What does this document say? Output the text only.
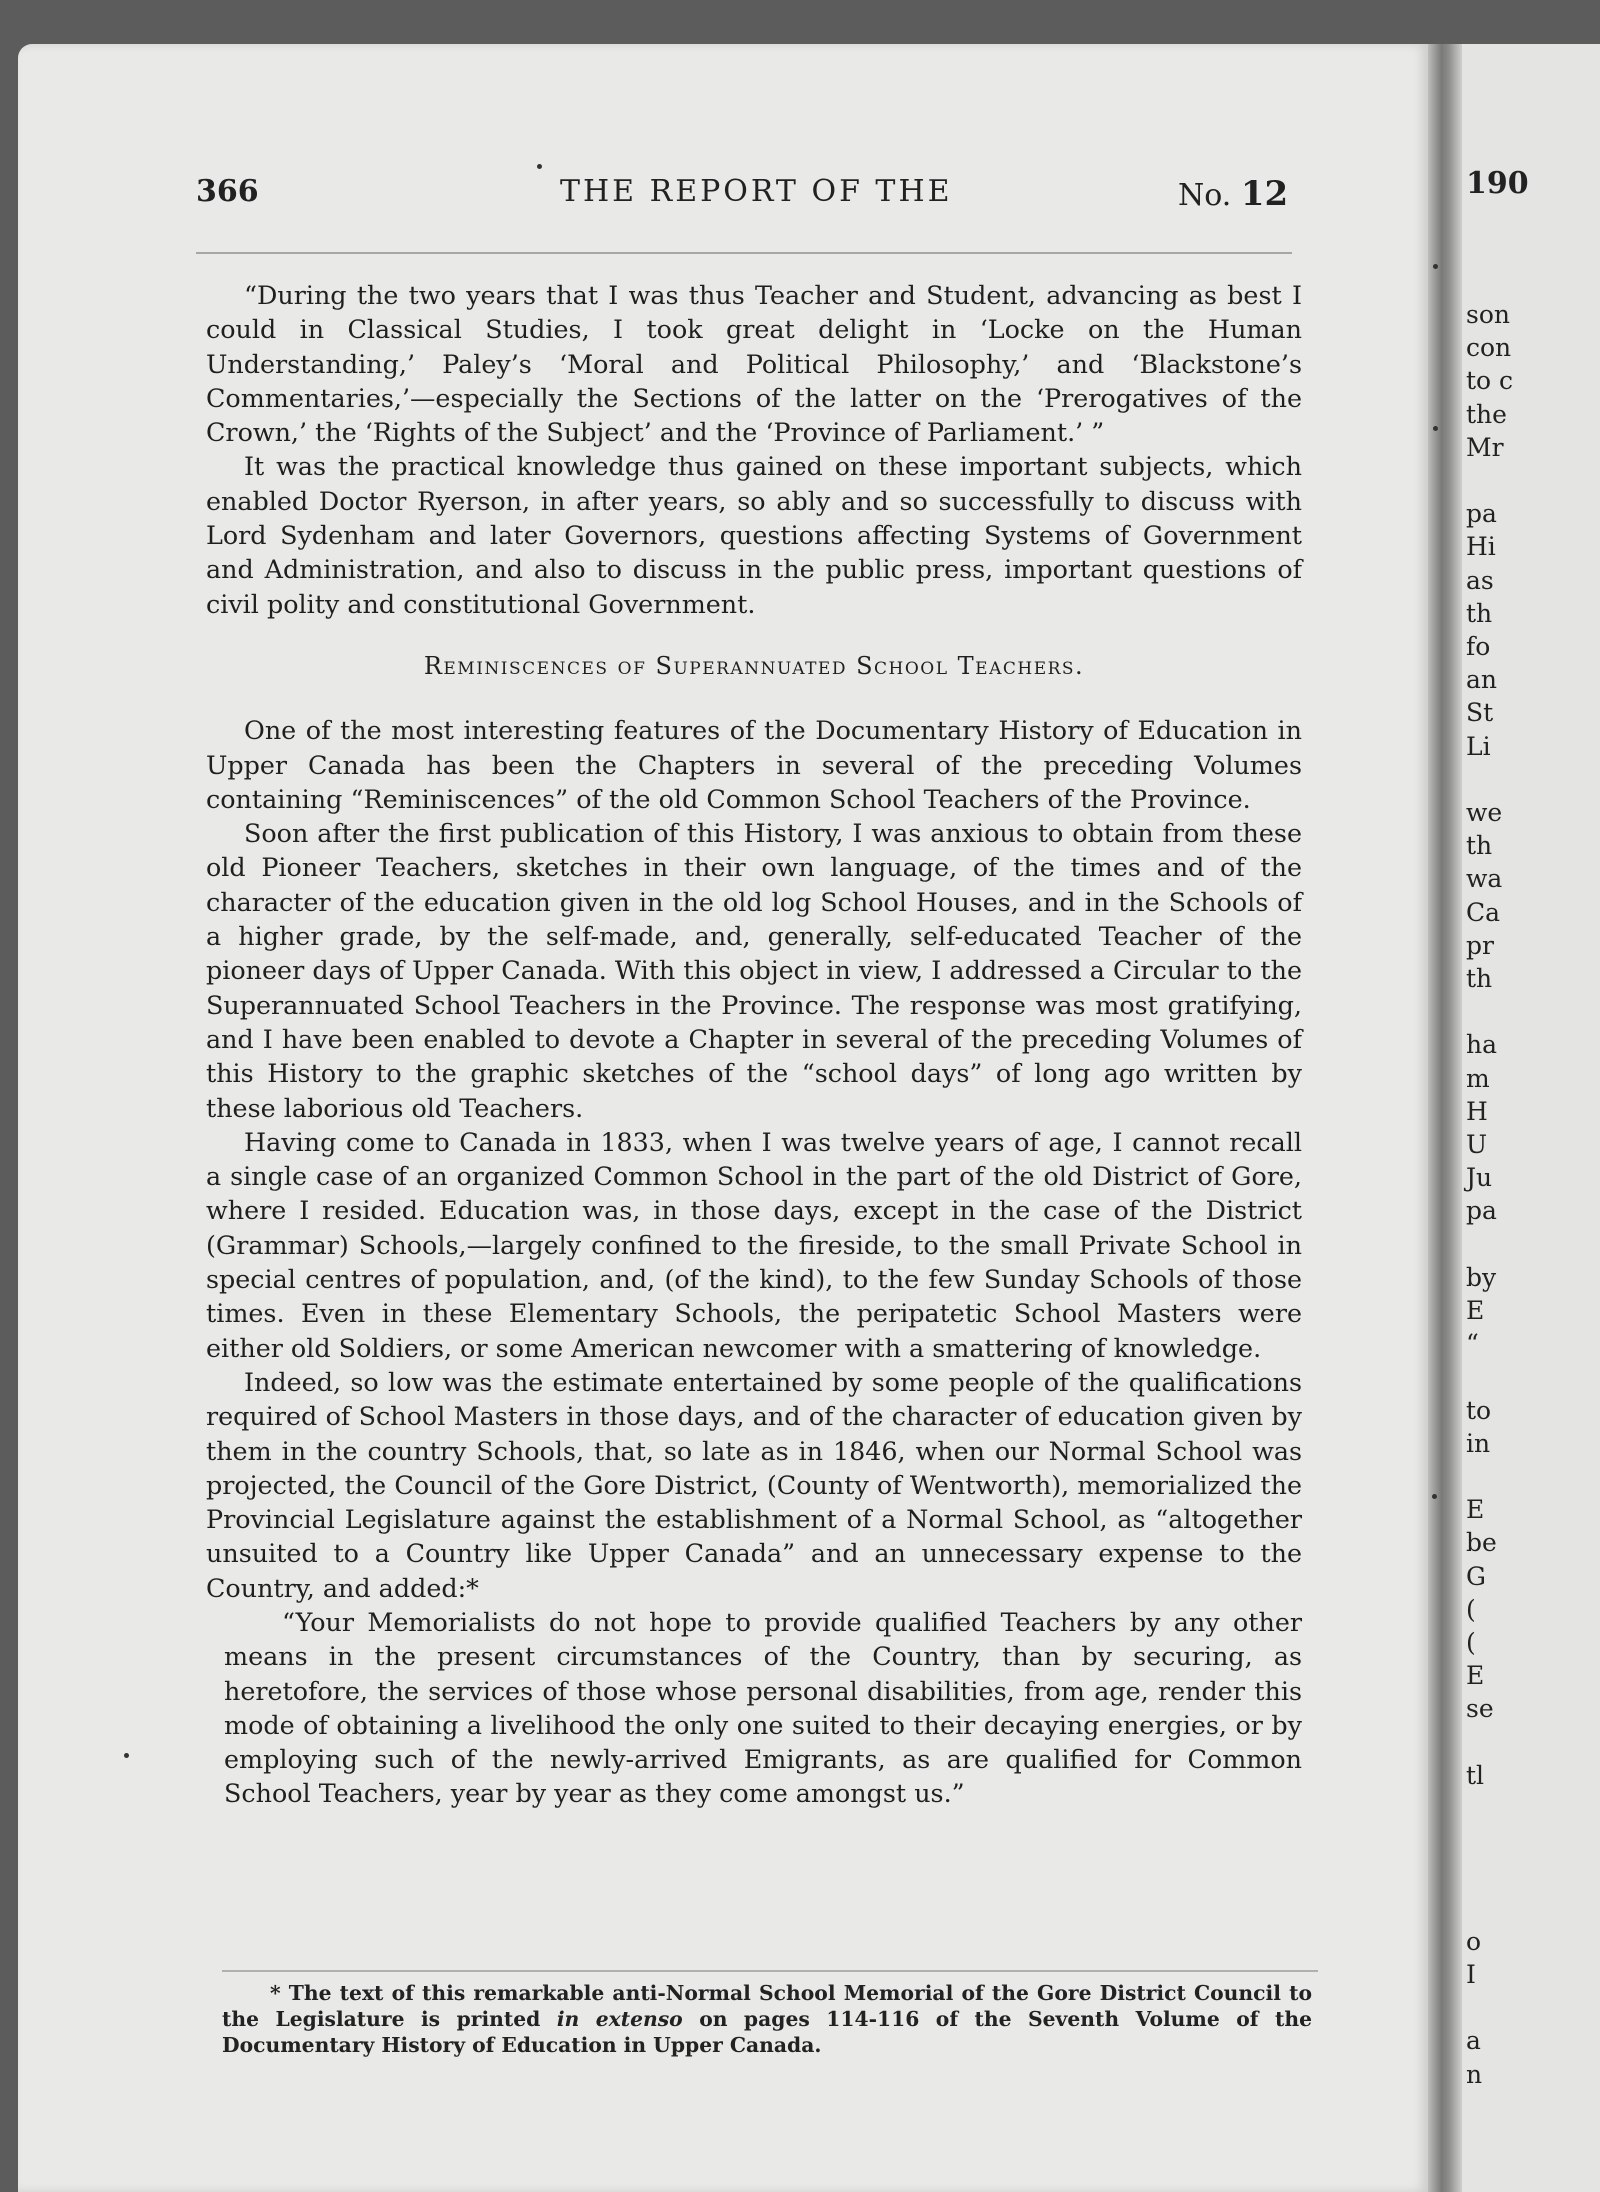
366	THE REPORT OF THE	No. 12

“During the two years that I was thus Teacher and Student, advancing as best I could in Classical Studies, I took great delight in ‘Locke on the Human Understanding,’ Paley’s ‘Moral and Political Philosophy,’ and ‘Blackstone’s Commentaries,’—especially the Sections of the latter on the ‘Prerogatives of the Crown,’ the ‘Rights of the Subject’ and the ‘Province of Parliament.’ ”

It was the practical knowledge thus gained on these important subjects, which enabled Doctor Ryerson, in after years, so ably and so successfully to discuss with Lord Sydenham and later Governors, questions affecting Systems of Government and Administration, and also to discuss in the public press, important questions of civil polity and constitutional Government.

Reminiscences of Superannuated School Teachers.

One of the most interesting features of the Documentary History of Education in Upper Canada has been the Chapters in several of the preceding Volumes containing “Reminiscences” of the old Common School Teachers of the Province.

Soon after the first publication of this History, I was anxious to obtain from these old Pioneer Teachers, sketches in their own language, of the times and of the character of the education given in the old log School Houses, and in the Schools of a higher grade, by the self-made, and, generally, self-educated Teacher of the pioneer days of Upper Canada. With this object in view, I addressed a Circular to the Superannuated School Teachers in the Province. The response was most gratifying, and I have been enabled to devote a Chapter in several of the preceding Volumes of this History to the graphic sketches of the “school days” of long ago written by these laborious old Teachers.

Having come to Canada in 1833, when I was twelve years of age, I cannot recall a single case of an organized Common School in the part of the old District of Gore, where I resided. Education was, in those days, except in the case of the District (Grammar) Schools,—largely confined to the fireside, to the small Private School in special centres of population, and, (of the kind), to the few Sunday Schools of those times. Even in these Elementary Schools, the peripatetic School Masters were either old Soldiers, or some American newcomer with a smattering of knowledge.

Indeed, so low was the estimate entertained by some people of the qualifications required of School Masters in those days, and of the character of education given by them in the country Schools, that, so late as in 1846, when our Normal School was projected, the Council of the Gore District, (County of Wentworth), memorialized the Provincial Legislature against the establishment of a Normal School, as “altogether unsuited to a Country like Upper Canada” and an unnecessary expense to the Country, and added:*

“Your Memorialists do not hope to provide qualified Teachers by any other means in the present circumstances of the Country, than by securing, as heretofore, the services of those whose personal disabilities, from age, render this mode of obtaining a livelihood the only one suited to their decaying energies, or by employing such of the newly-arrived Emigrants, as are qualified for Common School Teachers, year by year as they come amongst us.”

* The text of this remarkable anti-Normal School Memorial of the Gore District Council to the Legislature is printed in extenso on pages 114-116 of the Seventh Volume of the Documentary History of Education in Upper Canada.
190
son
con
to c
the
Mr
pa
Hi
as
th
fo
an
St
Li
we
th
wa
Ca
pr
th
ha
m
H
U
Ju
pa
by
E
“
to
in
E
be
G
(
(
E
se
tl
o
I
a
n
